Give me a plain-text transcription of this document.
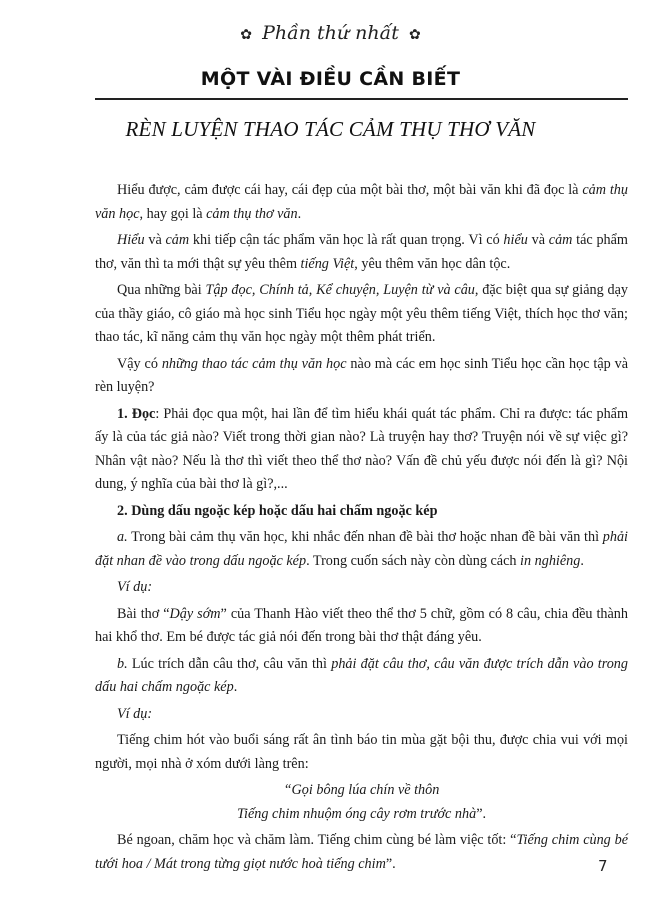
✿ Phần thứ nhất ✿
MỘT VÀI ĐIỀU CẦN BIẾT
RÈN LUYỆN THAO TÁC CẢM THỤ THƠ VĂN

Hiểu được, cảm được cái hay, cái đẹp của một bài thơ, một bài văn khi đã đọc là cảm thụ văn học, hay gọi là cảm thụ thơ văn.

Hiểu và cảm khi tiếp cận tác phẩm văn học là rất quan trọng. Vì có hiểu và cảm tác phẩm thơ, văn thì ta mới thật sự yêu thêm tiếng Việt, yêu thêm văn học dân tộc.

Qua những bài Tập đọc, Chính tả, Kể chuyện, Luyện từ và câu, đặc biệt qua sự giảng dạy của thầy giáo, cô giáo mà học sinh Tiểu học ngày một yêu thêm tiếng Việt, thích học thơ văn; thao tác, kĩ năng cảm thụ văn học ngày một thêm phát triển.

Vậy có những thao tác cảm thụ văn học nào mà các em học sinh Tiểu học cần học tập và rèn luyện?

1. Đọc: Phải đọc qua một, hai lần để tìm hiểu khái quát tác phẩm. Chỉ ra được: tác phẩm ấy là của tác giả nào? Viết trong thời gian nào? Là truyện hay thơ? Truyện nói về sự việc gì? Nhân vật nào? Nếu là thơ thì viết theo thể thơ nào? Vấn đề chủ yếu được nói đến là gì? Nội dung, ý nghĩa của bài thơ là gì?,...

2. Dùng dấu ngoặc kép hoặc dấu hai chấm ngoặc kép

a. Trong bài cảm thụ văn học, khi nhắc đến nhan đề bài thơ hoặc nhan đề bài văn thì phải đặt nhan đề vào trong dấu ngoặc kép. Trong cuốn sách này còn dùng cách in nghiêng.

Ví dụ:

Bài thơ “Dậy sớm” của Thanh Hào viết theo thể thơ 5 chữ, gồm có 8 câu, chia đều thành hai khổ thơ. Em bé được tác giả nói đến trong bài thơ thật đáng yêu.

b. Lúc trích dẫn câu thơ, câu văn thì phải đặt câu thơ, câu văn được trích dẫn vào trong dấu hai chấm ngoặc kép.

Ví dụ:

Tiếng chim hót vào buổi sáng rất ân tình báo tin mùa gặt bội thu, được chia vui với mọi người, mọi nhà ở xóm dưới làng trên:

“Gọi bông lúa chín về thôn

Tiếng chim nhuộm óng cây rơm trước nhà”.

Bé ngoan, chăm học và chăm làm. Tiếng chim cùng bé làm việc tốt: “Tiếng chim cùng bé tưới hoa / Mát trong từng giọt nước hoà tiếng chim”.	7
